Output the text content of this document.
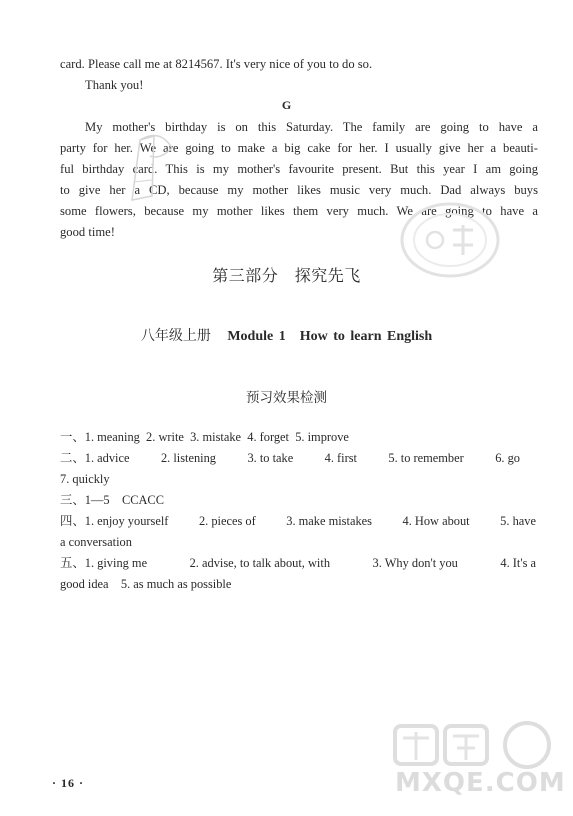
card. Please call me at 8214567. It's very nice of you to do so.
Thank you!
G
My mother's birthday is on this Saturday. The family are going to have a
party for her. We are going to make a big cake for her. I usually give her a beauti-
ful birthday card. This is my mother's favourite present. But this year I am going
to give her a CD, because my mother likes music very much. Dad always buys
some flowers, because my mother likes them very much. We are going to have a
good time!
第三部分　探究先飞
八年级上册 Module 1　How to learn English
预习效果检测
一、1. meaning 2. write 3. mistake 4. forget 5. improve
二、1. advice	2. listening	3. to take	4. first	5. to remember	6. go
7. quickly
三、1—5　CCACC
四、1. enjoy yourself 2. pieces of 3. make mistakes 4. How about 5. have
a conversation
五、1. giving me	2. advise, to talk about, with	3. Why don't you	4. It's a
good idea　5. as much as possible
· 16 ·	MXQE.COM
